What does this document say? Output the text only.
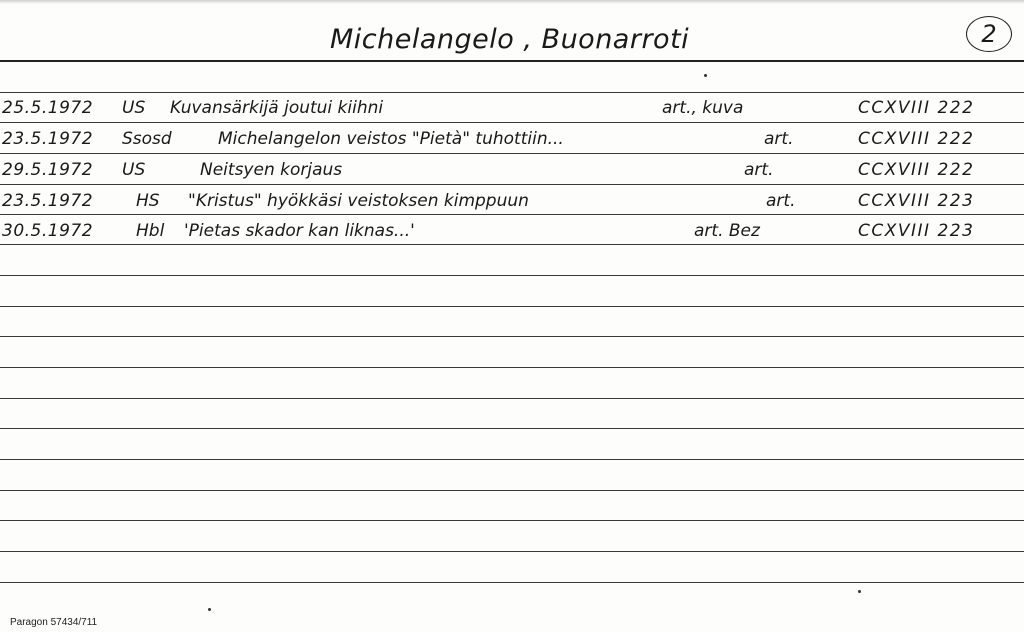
Michelangelo , Buonarroti	2
25.5.1972 US Kuvansärkijä joutui kiihni	art., kuva	CCXVIII 222
23.5.1972 Ssosd	Michelangelon veistos "Pietà" tuhottiin...	art.	CCXVIII 222
29.5.1972 US	Neitsyen korjaus	art.	CCXVIII 222
23.5.1972	HS "Kristus" hyökkäsi veistoksen kimppuun	art.	CCXVIII 223
30.5.1972	Hbl 'Pietas skador kan liknas...'	art. Bez	CCXVIII 223
Paragon 57434/711
